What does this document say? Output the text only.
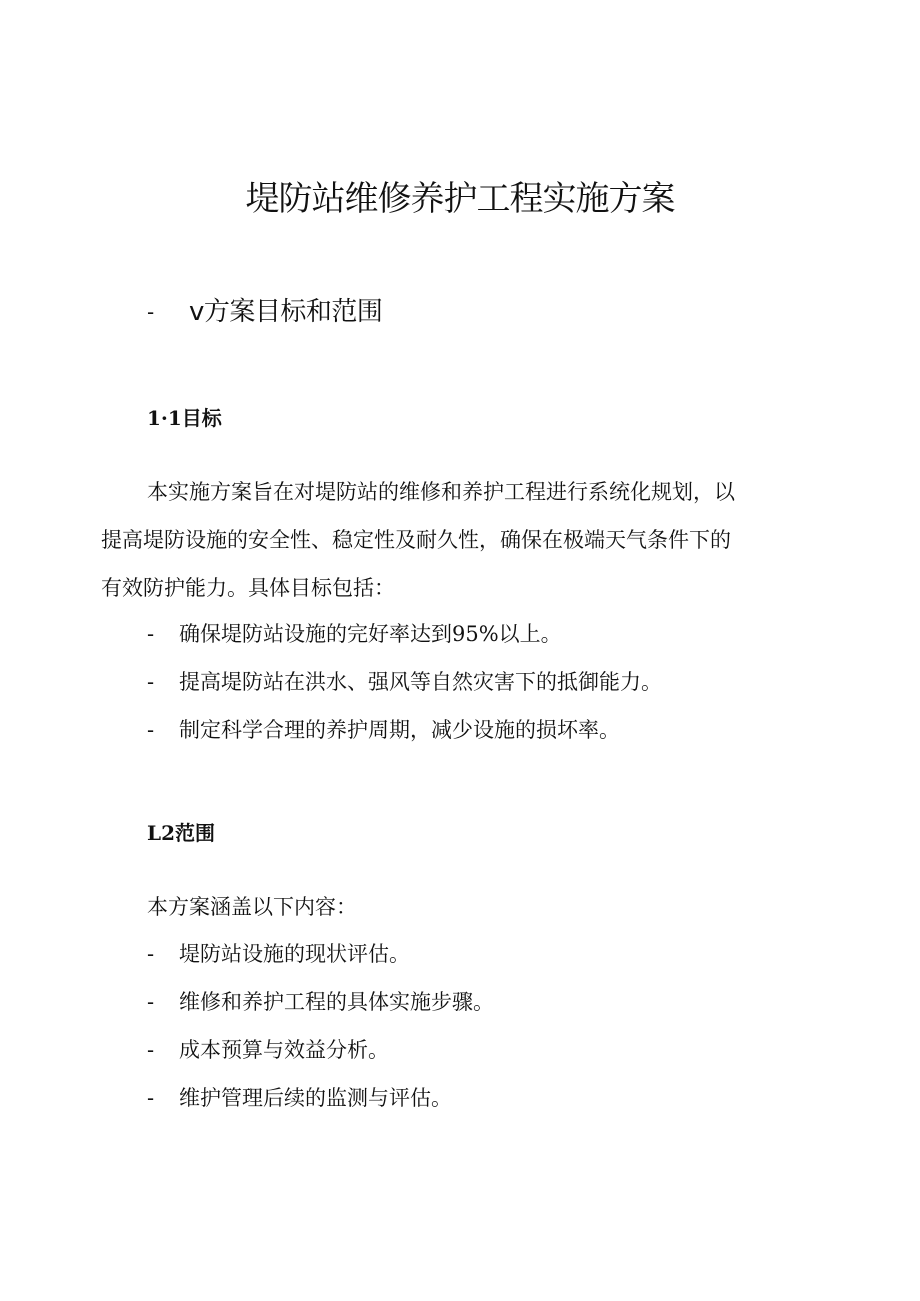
堤防站维修养护工程实施方案
- v方案目标和范围
1·1目标
本实施方案旨在对堤防站的维修和养护工程进行系统化规划，以
提高堤防设施的安全性、稳定性及耐久性，确保在极端天气条件下的
有效防护能力。具体目标包括：
- 确保堤防站设施的完好率达到95%以上。
- 提高堤防站在洪水、强风等自然灾害下的抵御能力。
- 制定科学合理的养护周期，减少设施的损坏率。
L2范围
本方案涵盖以下内容：
- 堤防站设施的现状评估。
- 维修和养护工程的具体实施步骤。
- 成本预算与效益分析。
- 维护管理后续的监测与评估。
